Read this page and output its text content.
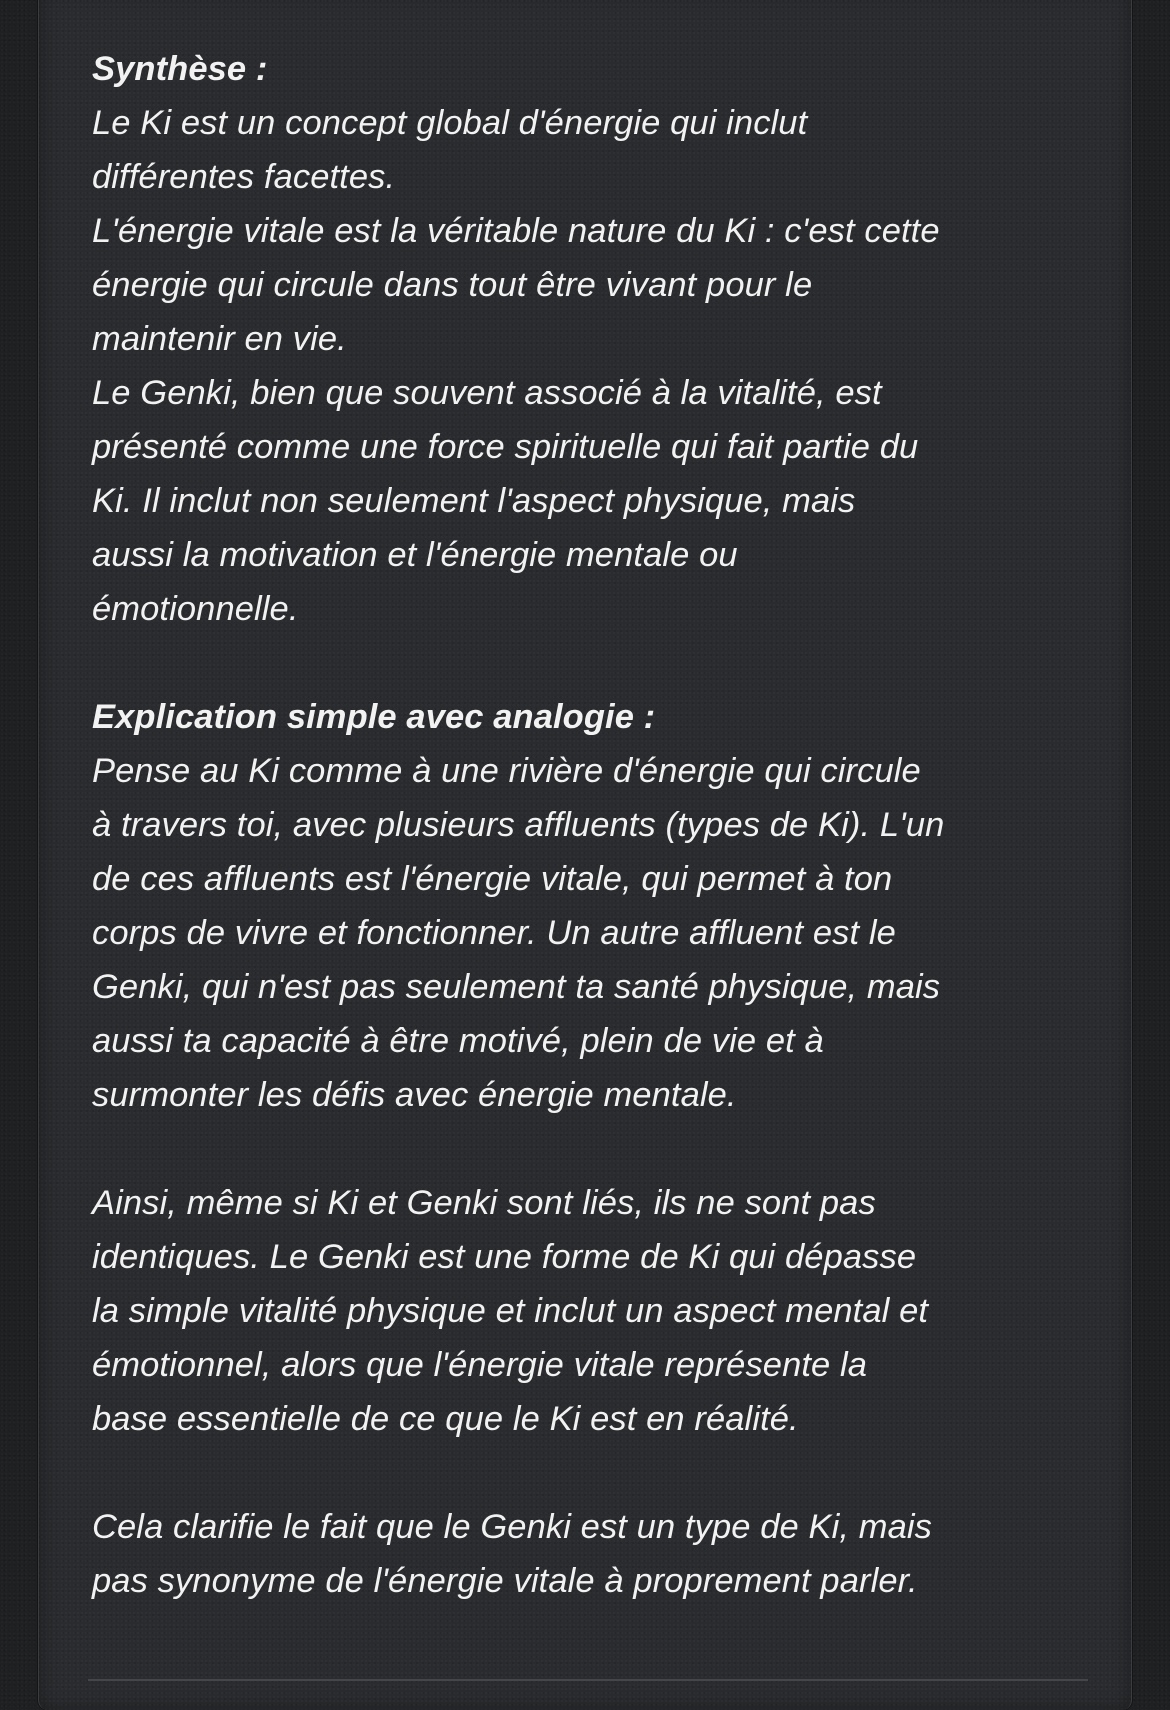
Synthèse :

Le Ki est un concept global d'énergie qui inclut

différentes facettes.

L'énergie vitale est la véritable nature du Ki : c'est cette

énergie qui circule dans tout être vivant pour le

maintenir en vie.

Le Genki, bien que souvent associé à la vitalité, est

présenté comme une force spirituelle qui fait partie du

Ki. Il inclut non seulement l'aspect physique, mais

aussi la motivation et l'énergie mentale ou

émotionnelle.

Explication simple avec analogie :

Pense au Ki comme à une rivière d'énergie qui circule

à travers toi, avec plusieurs affluents (types de Ki). L'un

de ces affluents est l'énergie vitale, qui permet à ton

corps de vivre et fonctionner. Un autre affluent est le

Genki, qui n'est pas seulement ta santé physique, mais

aussi ta capacité à être motivé, plein de vie et à

surmonter les défis avec énergie mentale.

Ainsi, même si Ki et Genki sont liés, ils ne sont pas

identiques. Le Genki est une forme de Ki qui dépasse

la simple vitalité physique et inclut un aspect mental et

émotionnel, alors que l'énergie vitale représente la

base essentielle de ce que le Ki est en réalité.

Cela clarifie le fait que le Genki est un type de Ki, mais

pas synonyme de l'énergie vitale à proprement parler.
